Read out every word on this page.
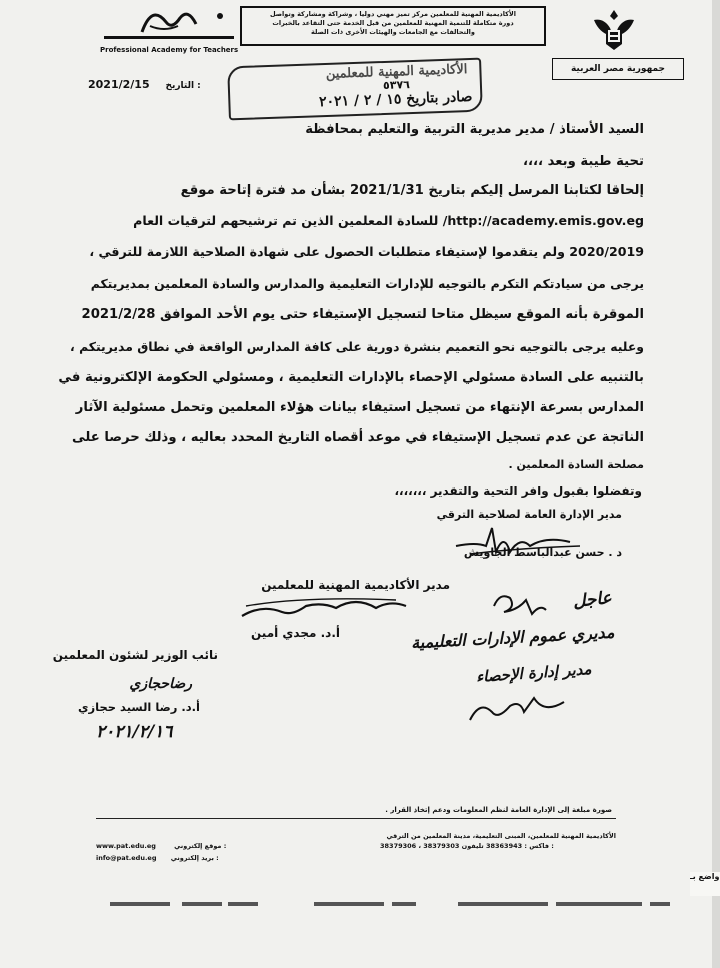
Professional Academy for Teachers
الأكاديمية المهنية للمعلمين مركز تميز مهني دوليا ، وشراكة ومشاركة وتواصل
دورة متكاملة للتنمية المهنية للمعلمين من قبل الخدمة حتى التقاعد بالخبرات
والتحالفات مع الجامعات والهيئات الأخرى ذات الصلة
جمهورية مصر العربية
2021/2/15 التاريخ :
الأكاديمية المهنية للمعلمين
٥٣٧٦
صادر بتاريخ ١٥ / ٢ / ٢٠٢١
السيد الأستاذ / مدير مديرية التربية والتعليم بمحافظة
تحية طيبة وبعد ،،،،
إلحاقا لكتابنا المرسل إليكم بتاريخ 2021/1/31 بشأن مد فترة إتاحة موقع
http://academy.emis.gov.eg/ للسادة المعلمين الذين تم ترشيحهم لترقيات العام
2020/2019 ولم يتقدموا لإستيفاء متطلبات الحصول على شهادة الصلاحية اللازمة للترقي ،
يرجى من سيادتكم التكرم بالتوجيه للإدارات التعليمية والمدارس والسادة المعلمين بمديريتكم
الموقرة بأنه الموقع سيظل متاحا لتسجيل الإستيفاء حتى يوم الأحد الموافق 2021/2/28
وعليه يرجى بالتوجيه نحو التعميم بنشرة دورية على كافة المدارس الواقعة في نطاق مديريتكم ،
بالتنبيه على السادة مسئولي الإحصاء بالإدارات التعليمية ، ومسئولي الحكومة الإلكترونية في
المدارس بسرعة الإنتهاء من تسجيل استيفاء بيانات هؤلاء المعلمين وتحمل مسئولية الآثار
الناتجة عن عدم تسجيل الإستيفاء في موعد أقصاه التاريخ المحدد بعاليه ، وذلك حرصا على
مصلحة السادة المعلمين .
وتفضلوا بقبول وافر التحية والتقدير ،،،،،،،
مدير الإدارة العامة لصلاحية الترقي
د . حسن عبدالباسط الجاويش
مدير الأكاديمية المهنية للمعلمين
أ.د. مجدي أمين
عاجل
مديري عموم الإدارات التعليمية
مدير إدارة الإحصاء
نائب الوزير لشئون المعلمين
رضاحجازي
أ.د. رضا السيد حجازي
٢٠٢١/٢/١٦
صورة مبلغة إلى الإدارة العامة لنظم المعلومات ودعم إتخاذ القرار .
الأكاديمية المهنية للمعلمين، المبنى التعليمية، مدينة المعلمين من الترقي
38379306 ، 38379303	فاكس : 38363943 تليفون :
www.pat.edu.eg	موقع إلكتروني :
info@pat.edu.eg بريد إلكتروني :
واضع بـ
